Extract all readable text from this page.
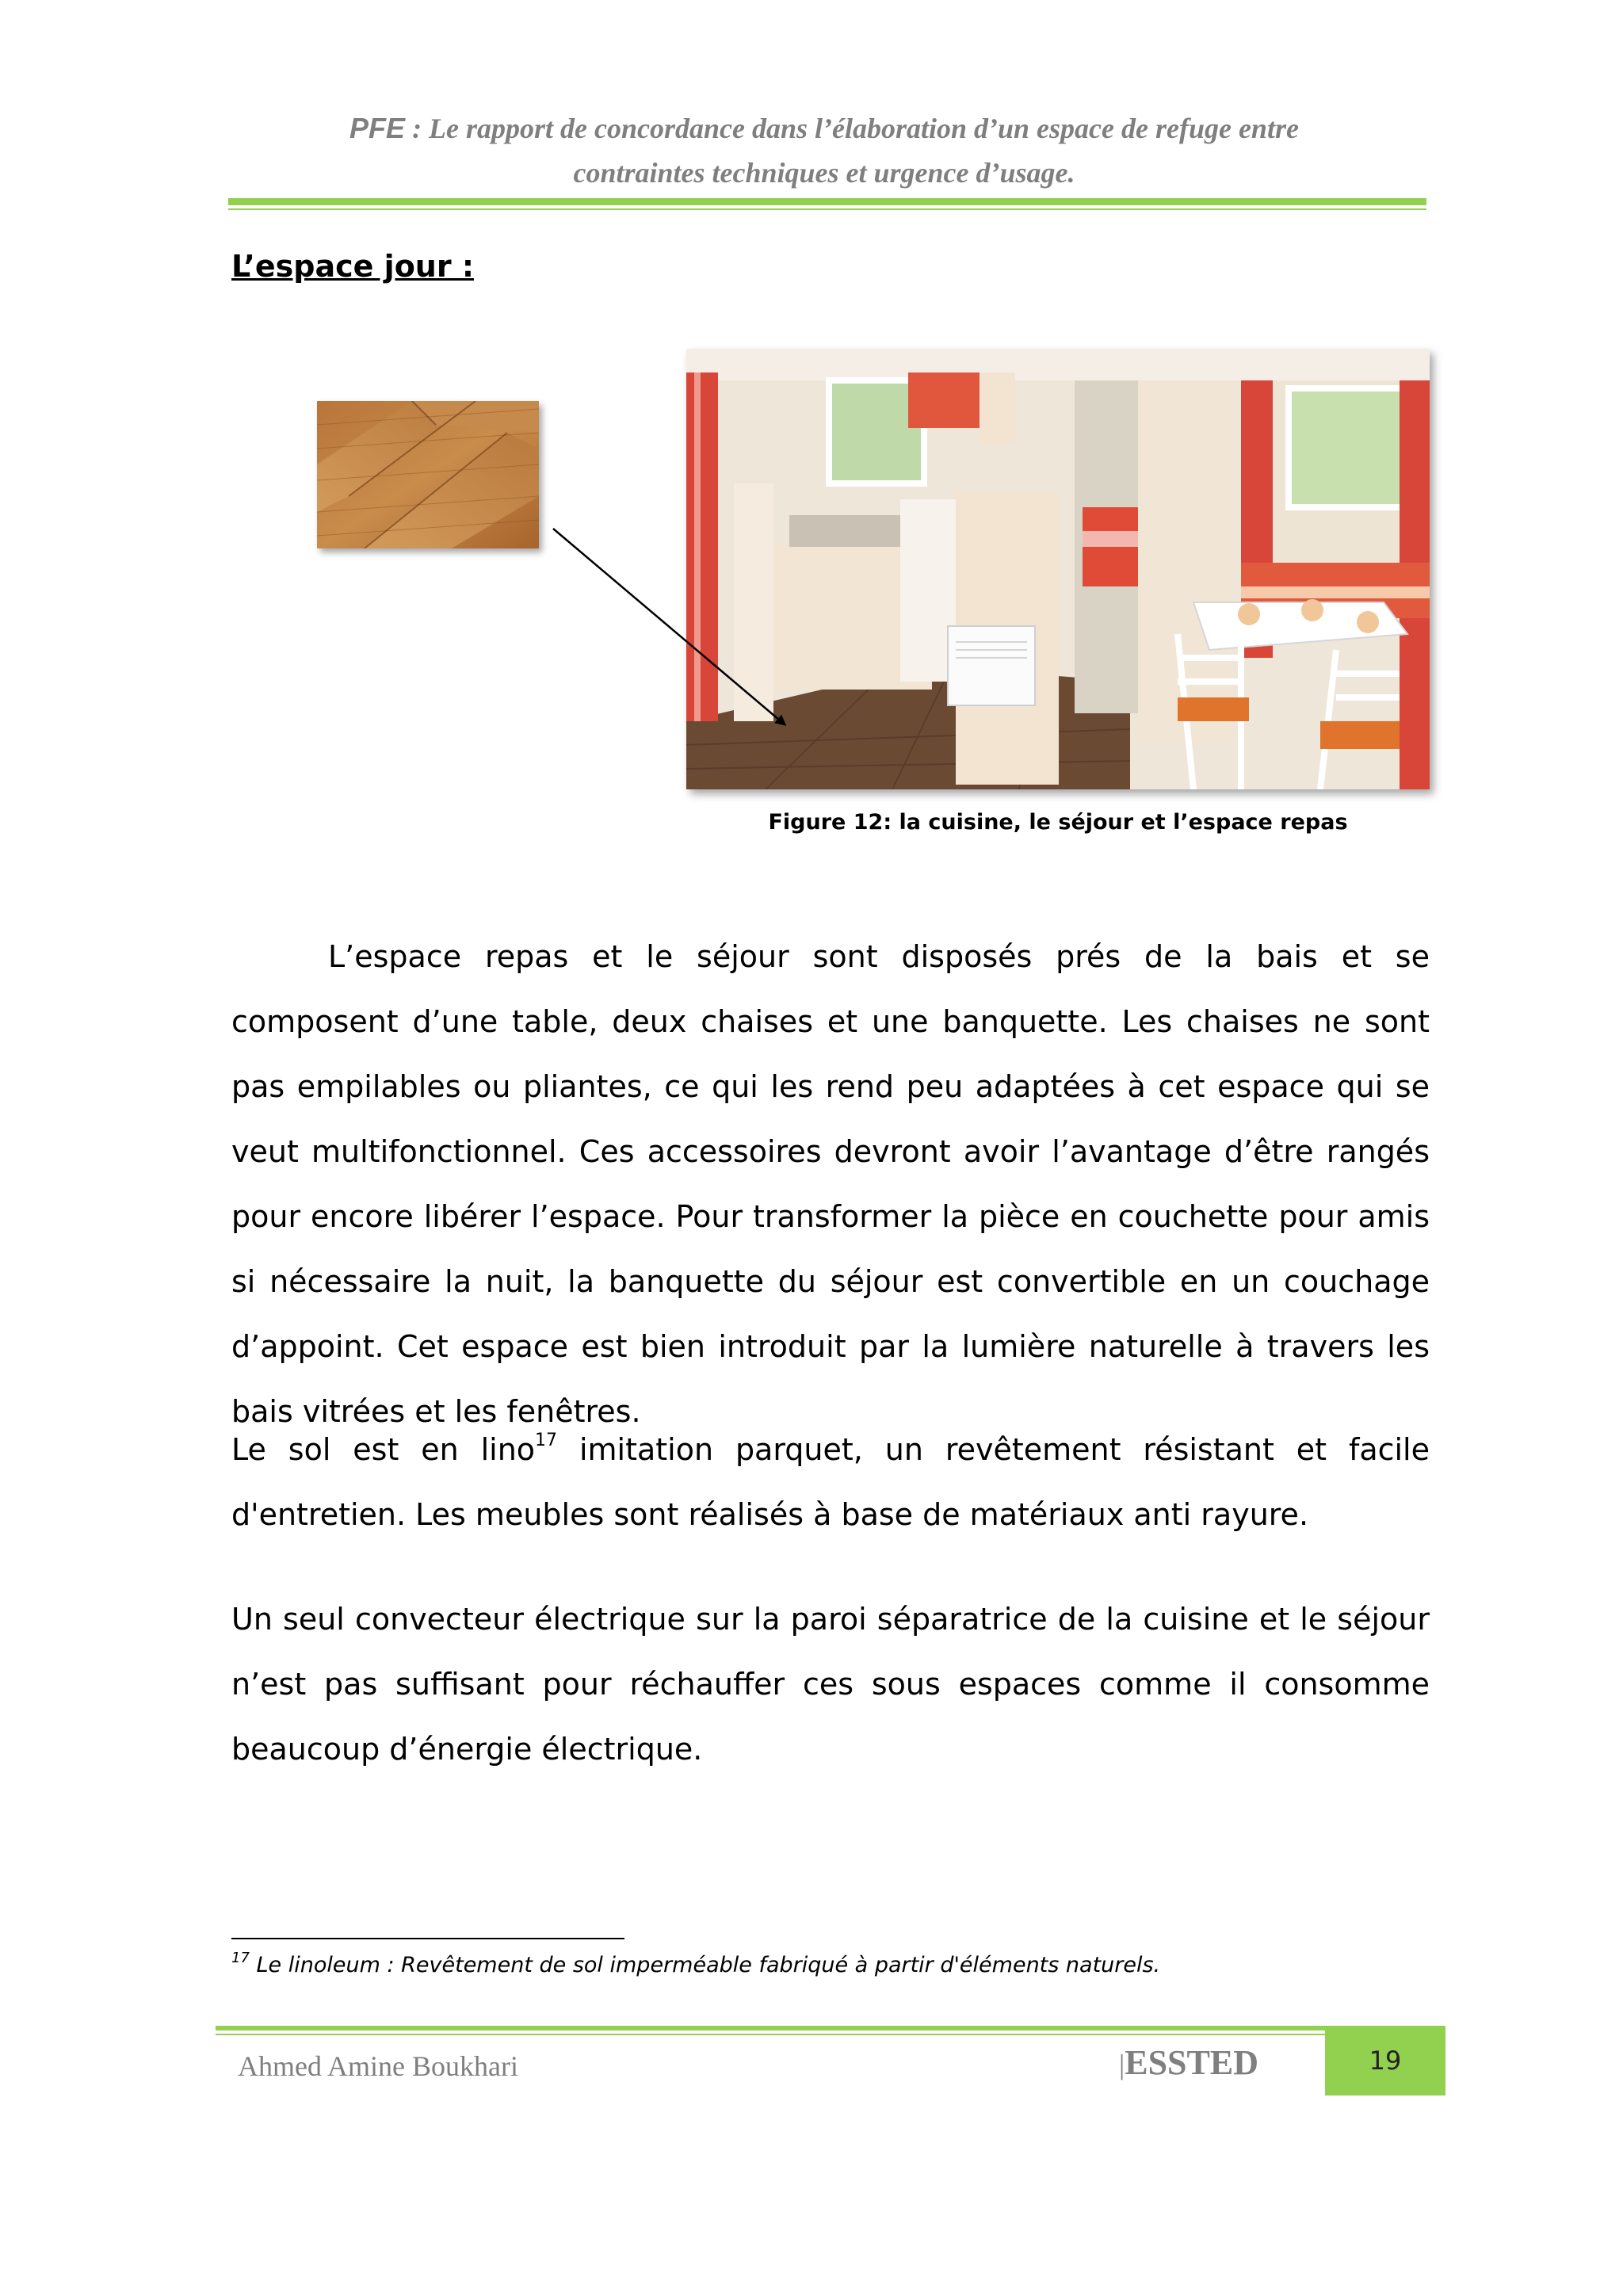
PFE : Le rapport de concordance dans l’élaboration d’un espace de refuge entre
contraintes techniques et urgence d’usage.
L’espace jour :
Figure 12: la cuisine, le séjour et l’espace repas

L’espace repas et le séjour sont disposés prés de la bais et se composent d’une table, deux chaises et une banquette. Les chaises ne sont pas empilables ou pliantes, ce qui les rend peu adaptées à cet espace qui se veut multifonctionnel. Ces accessoires devront avoir l’avantage d’être rangés pour encore libérer l’espace. Pour transformer la pièce en couchette pour amis si nécessaire la nuit, la banquette du séjour est convertible en un couchage d’appoint. Cet espace est bien introduit par la lumière naturelle à travers les bais vitrées et les fenêtres.

Le sol est en lino$^{17}$ imitation parquet, un revêtement résistant et facile d'entretien. Les meubles sont réalisés à base de matériaux anti rayure.

Un seul convecteur électrique sur la paroi séparatrice de la cuisine et le séjour n’est pas suffisant pour réchauffer ces sous espaces comme il consomme beaucoup d’énergie électrique.

$^{17}$ Le linoleum : Revêtement de sol imperméable fabriqué à partir d'éléments naturels.
Ahmed Amine Boukhari	|ESSTED	19
